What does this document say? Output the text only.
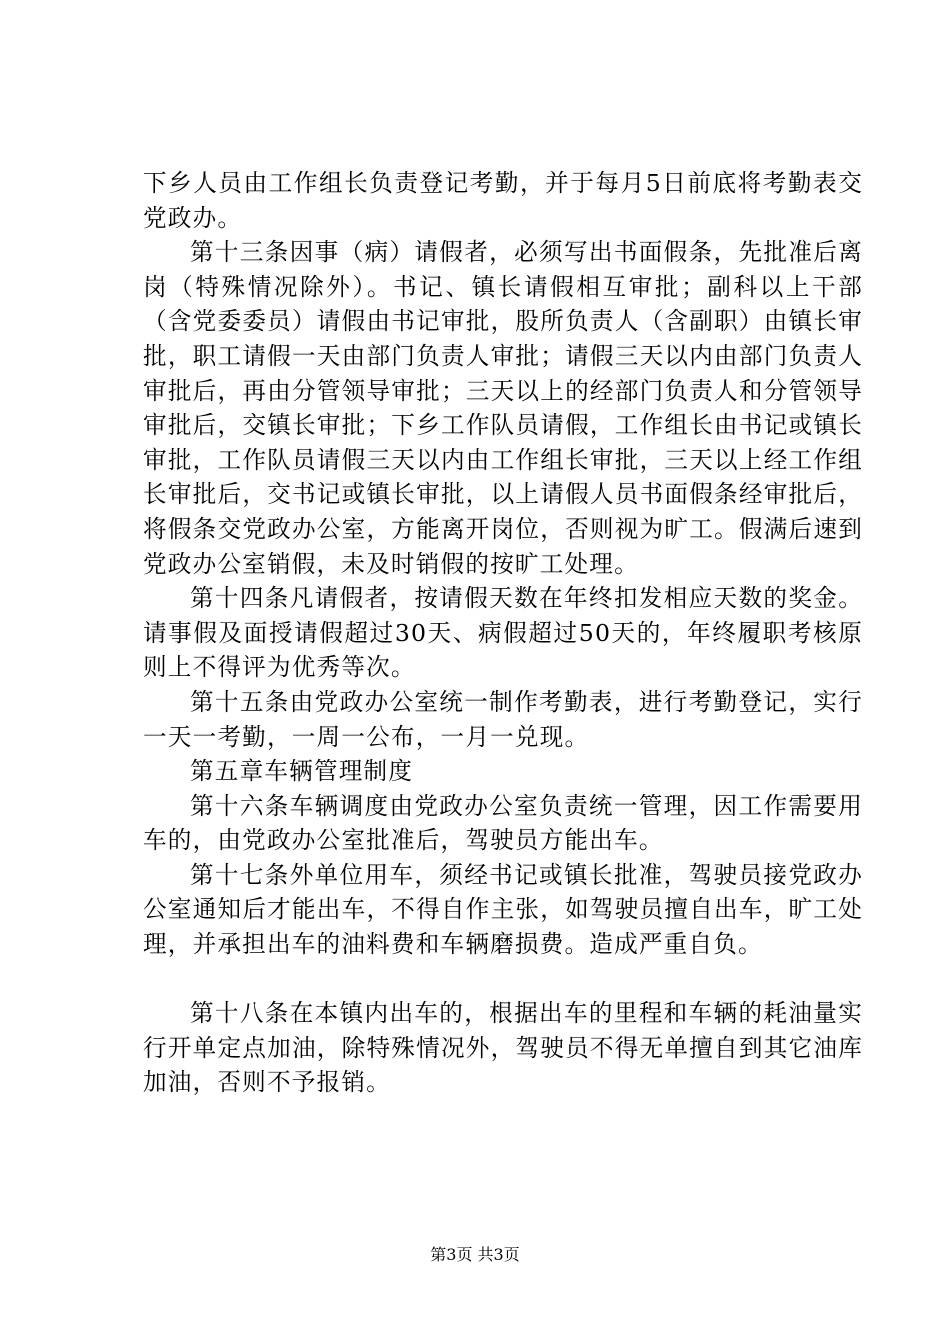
下乡人员由工作组长负责登记考勤，并于每月5日前底将考勤表交党政办。

第十三条因事（病）请假者，必须写出书面假条，先批准后离岗（特殊情况除外）。书记、镇长请假相互审批；副科以上干部（含党委委员）请假由书记审批，股所负责人（含副职）由镇长审批，职工请假一天由部门负责人审批；请假三天以内由部门负责人审批后，再由分管领导审批；三天以上的经部门负责人和分管领导审批后，交镇长审批；下乡工作队员请假，工作组长由书记或镇长审批，工作队员请假三天以内由工作组长审批，三天以上经工作组长审批后，交书记或镇长审批，以上请假人员书面假条经审批后，将假条交党政办公室，方能离开岗位，否则视为旷工。假满后速到党政办公室销假，未及时销假的按旷工处理。

第十四条凡请假者，按请假天数在年终扣发相应天数的奖金。请事假及面授请假超过30天、病假超过50天的，年终履职考核原则上不得评为优秀等次。

第十五条由党政办公室统一制作考勤表，进行考勤登记，实行一天一考勤，一周一公布，一月一兑现。

第五章车辆管理制度

第十六条车辆调度由党政办公室负责统一管理，因工作需要用车的，由党政办公室批准后，驾驶员方能出车。

第十七条外单位用车，须经书记或镇长批准，驾驶员接党政办公室通知后才能出车，不得自作主张，如驾驶员擅自出车，旷工处理，并承担出车的油料费和车辆磨损费。造成严重自负。

第十八条在本镇内出车的，根据出车的里程和车辆的耗油量实行开单定点加油，除特殊情况外，驾驶员不得无单擅自到其它油库加油，否则不予报销。

第3页 共3页
